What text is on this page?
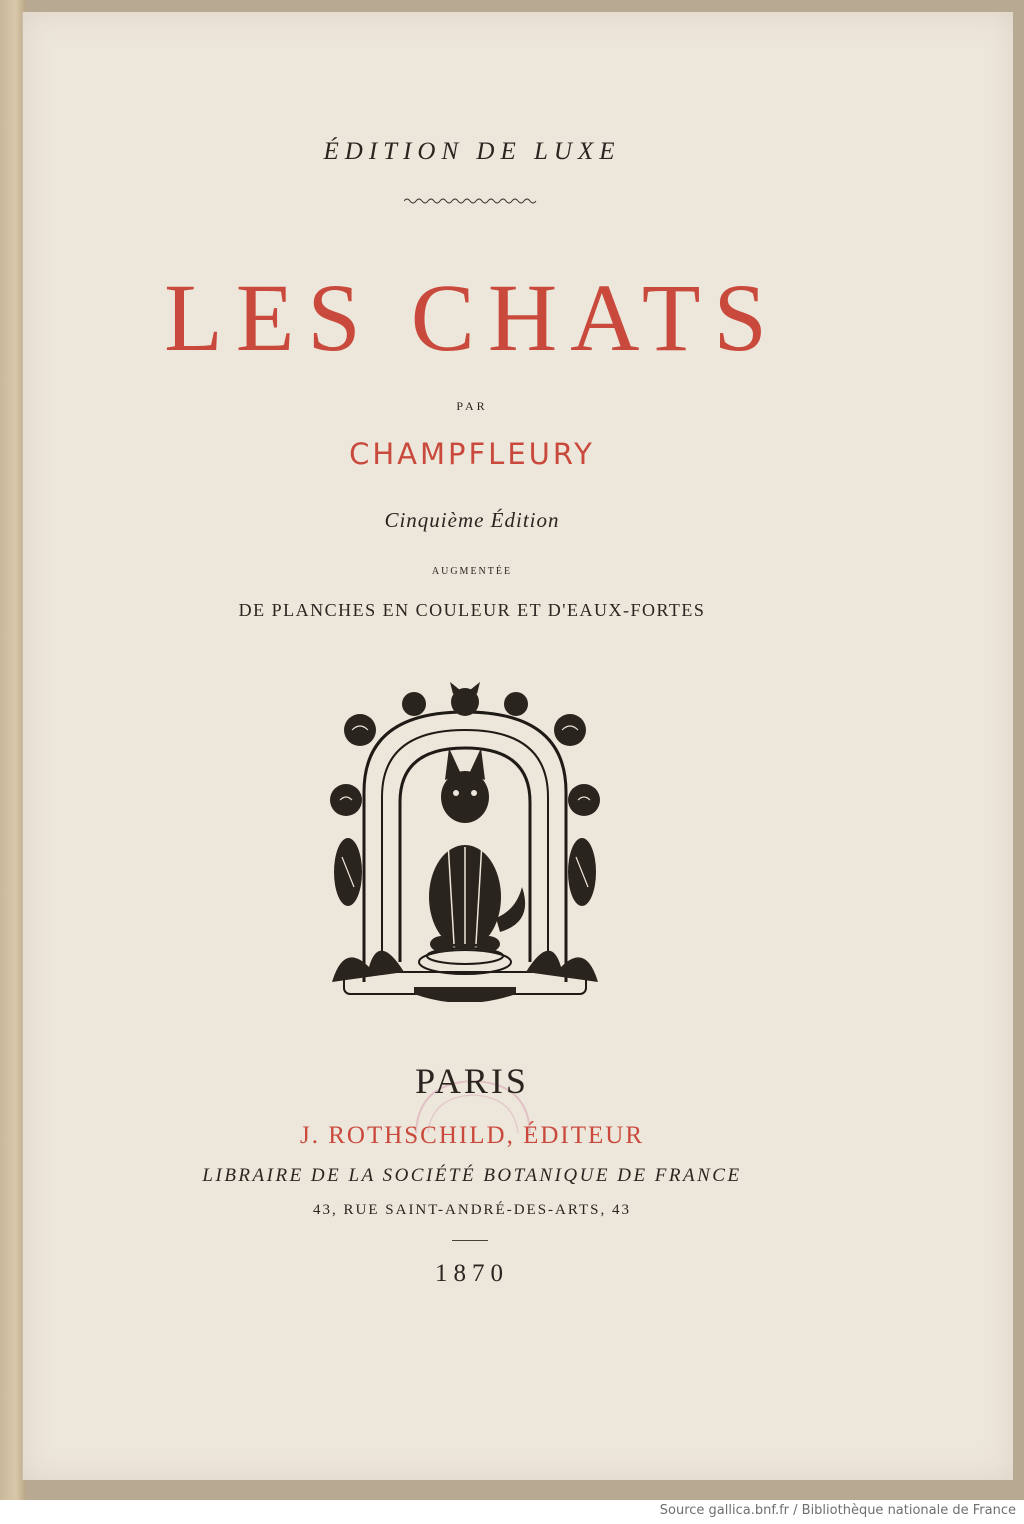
ÉDITION DE LUXE
LES CHATS
PAR
CHAMPFLEURY
Cinquième Édition
AUGMENTÉE
DE PLANCHES EN COULEUR ET D'EAUX-FORTES
PARIS
J. ROTHSCHILD, ÉDITEUR
LIBRAIRE DE LA SOCIÉTÉ BOTANIQUE DE FRANCE
43, RUE SAINT-ANDRÉ-DES-ARTS, 43
1870
Source gallica.bnf.fr / Bibliothèque nationale de France
